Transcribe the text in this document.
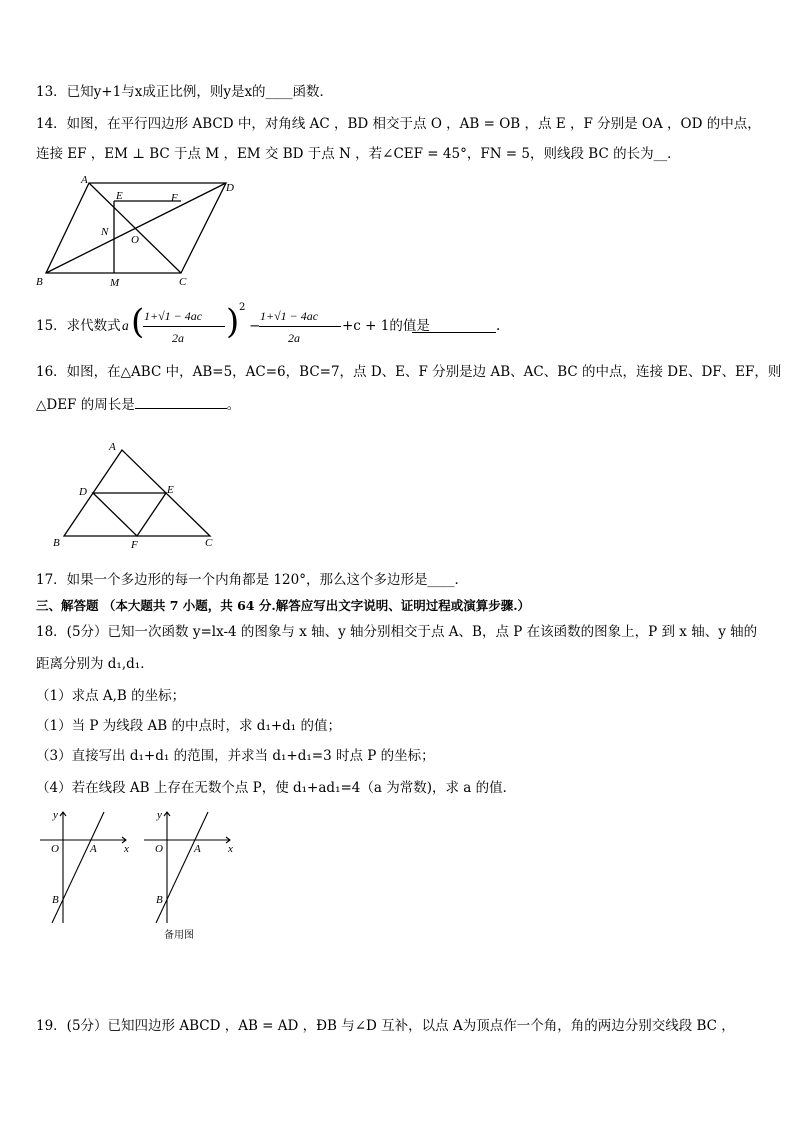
13．已知y+1与x成正比例，则y是x的____函数．
14．如图，在平行四边形 ABCD 中，对角线 AC ，BD 相交于点 O ，AB = OB ，点 E ，F 分别是 OA ，OD 的中点，
连接 EF ，EM ⊥ BC 于点 M ，EM 交 BD 于点 N ，若∠CEF = 45°，FN = 5，则线段 BC 的长为__．
A
D
B	C
E	F
N
O
M
15．求代数式 a ( 1+√1 − 4ac
2a ) 2
−
1+√1 − 4ac
2a
+c + 1的值是	.
16．如图，在△ABC 中，AB=5，AC=6，BC=7，点 D、E、F 分别是边 AB、AC、BC 的中点，连接 DE、DF、EF，则
△DEF 的周长是	。
A
D	E
B	F	C
17．如果一个多边形的每一个内角都是 120°，那么这个多边形是____．
三、解答题 （本大题共 7 小题，共 64 分.解答应写出文字说明、证明过程或演算步骤.）
18．(5分）已知一次函数 y=lx-4 的图象与 x 轴、y 轴分别相交于点 A、B，点 P 在该函数的图象上，P 到 x 轴、y 轴的
距离分别为 d₁,d₁．
（1）求点 A,B 的坐标；
（1）当 P 为线段 AB 的中点时，求 d₁+d₁ 的值；
（3）直接写出 d₁+d₁ 的范围，并求当 d₁+d₁=3 时点 P 的坐标；
（4）若在线段 AB 上存在无数个点 P，使 d₁+ad₁=4（a 为常数)，求 a 的值．
y
x
O	A
B
y
x
O	A
B
备用图
19．(5分）已知四边形 ABCD ，AB = AD ，ÐB 与∠D 互补，以点 A为顶点作一个角，角的两边分别交线段 BC ，
